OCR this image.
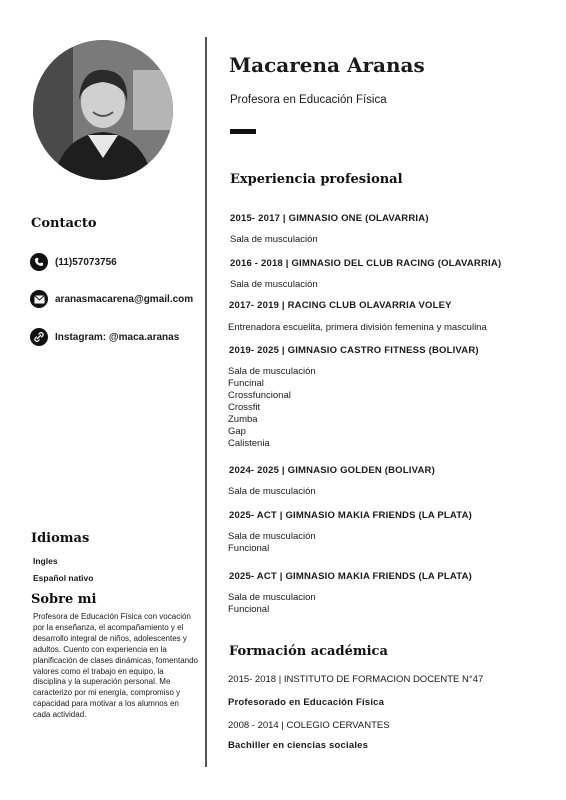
Contacto
(11)57073756
aranasmacarena@gmail.com
Instagram: @maca.aranas
Idiomas
Ingles
Español nativo
Sobre mi
Profesora de Educación Física con vocación por la enseñanza, el acompañamiento y el desarrollo integral de niños, adolescentes y adultos. Cuento con experiencia en la planificación de clases dinámicas, fomentando valores como el trabajo en equipo, la disciplina y la superación personal. Me caracterizo por mi energía, compromiso y capacidad para motivar a los alumnos en cada actividad.
Macarena Aranas
Profesora en Educación Física
Experiencia profesional
2015- 2017 | GIMNASIO ONE (OLAVARRIA)
Sala de musculación
2016 - 2018 | GIMNASIO DEL CLUB RACING (OLAVARRIA)
Sala de musculación
2017- 2019 | RACING CLUB OLAVARRIA VOLEY
Entrenadora escuelita, primera división femenina y masculina
2019- 2025 | GIMNASIO CASTRO FITNESS (BOLIVAR)
Sala de musculación
Funcinal
Crossfuncional
Crossfit
Zumba
Gap
Calistenia
2024- 2025 | GIMNASIO GOLDEN (BOLIVAR)
Sala de musculación
2025- ACT | GIMNASIO MAKIA FRIENDS (LA PLATA)
Sala de musculación
Funcional
2025- ACT | GIMNASIO MAKIA FRIENDS (LA PLATA)
Sala de musculacion
Funcional
Formación académica
2015- 2018 | INSTITUTO DE FORMACION DOCENTE N°47
Profesorado en Educación Física
2008 - 2014 | COLEGIO CERVANTES
Bachiller en ciencias sociales
